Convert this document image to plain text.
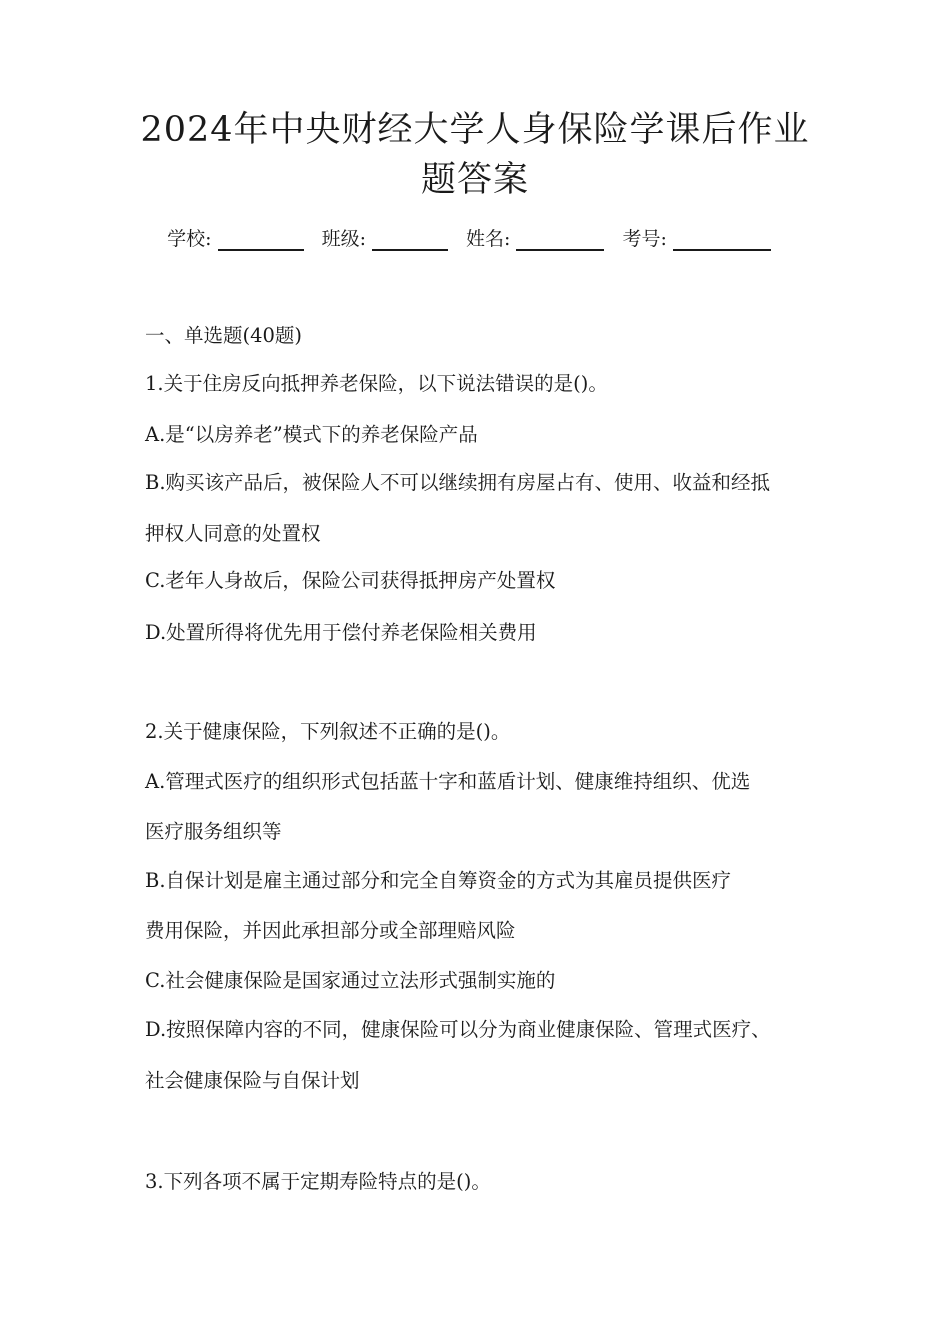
2024年中央财经大学人身保险学课后作业
题答案
学校:	班级:	姓名:	考号:
一、单选题(40题)
1.关于住房反向抵押养老保险，以下说法错误的是()。
A.是“以房养老”模式下的养老保险产品
B.购买该产品后，被保险人不可以继续拥有房屋占有、使用、收益和经抵
押权人同意的处置权
C.老年人身故后，保险公司获得抵押房产处置权
D.处置所得将优先用于偿付养老保险相关费用
2.关于健康保险，下列叙述不正确的是()。
A.管理式医疗的组织形式包括蓝十字和蓝盾计划、健康维持组织、优选
医疗服务组织等
B.自保计划是雇主通过部分和完全自筹资金的方式为其雇员提供医疗
费用保险，并因此承担部分或全部理赔风险
C.社会健康保险是国家通过立法形式强制实施的
D.按照保障内容的不同，健康保险可以分为商业健康保险、管理式医疗、
社会健康保险与自保计划
3.下列各项不属于定期寿险特点的是()。
